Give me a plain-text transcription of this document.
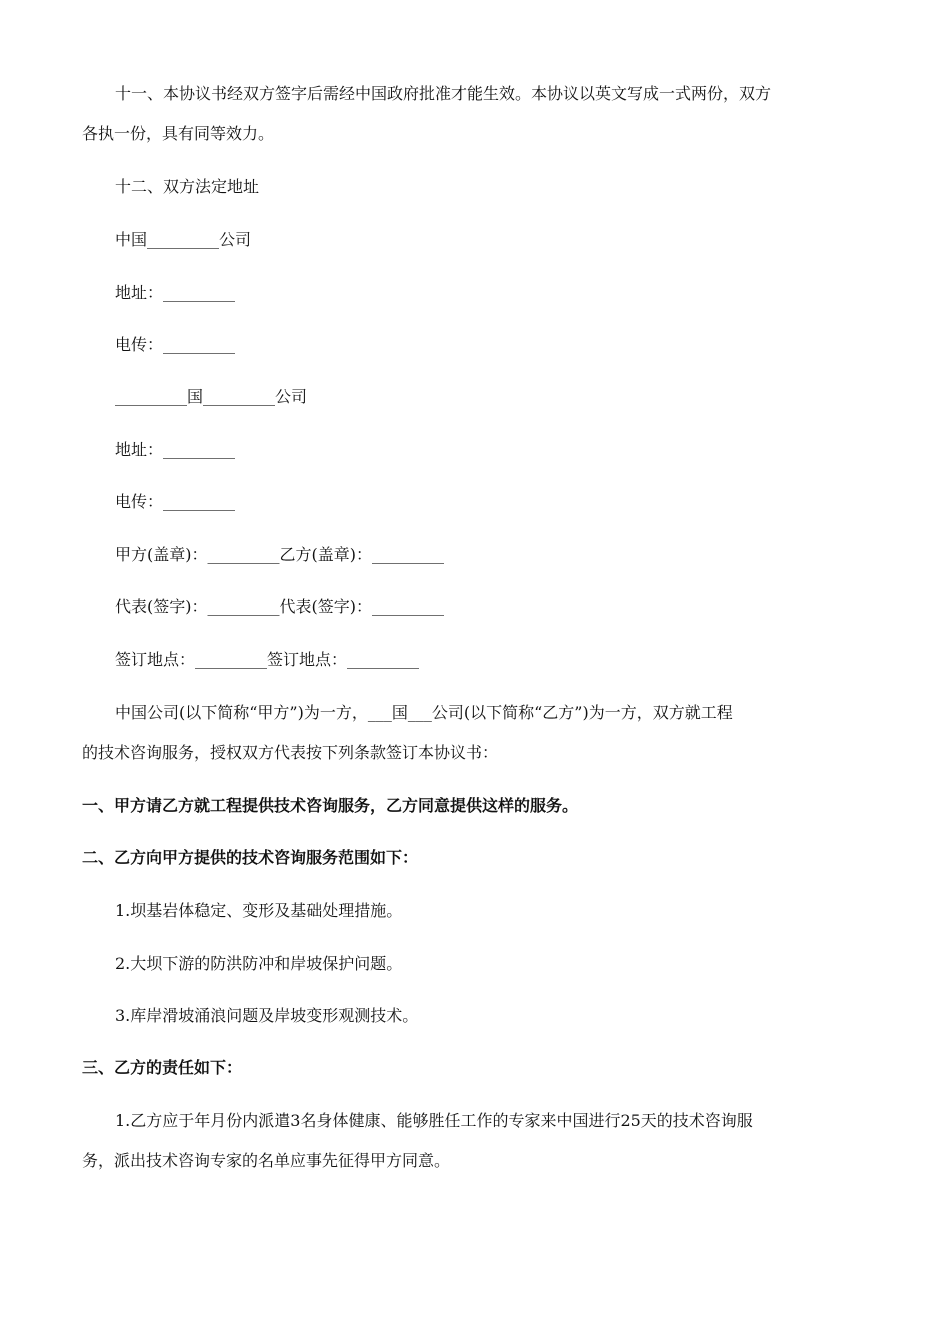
十一、本协议书经双方签字后需经中国政府批准才能生效。本协议以英文写成一式两份，双方
各执一份，具有同等效力。
十二、双方法定地址
中国_________公司
地址：_________
电传：_________
_________国_________公司
地址：_________
电传：_________
甲方(盖章)：_________乙方(盖章)：_________
代表(签字)：_________代表(签字)：_________
签订地点：_________签订地点：_________
中国公司(以下简称“甲方”)为一方，___国___公司(以下简称“乙方”)为一方，双方就工程
的技术咨询服务，授权双方代表按下列条款签订本协议书：
一、甲方请乙方就工程提供技术咨询服务，乙方同意提供这样的服务。
二、乙方向甲方提供的技术咨询服务范围如下：
1.坝基岩体稳定、变形及基础处理措施。
2.大坝下游的防洪防冲和岸坡保护问题。
3.库岸滑坡涌浪问题及岸坡变形观测技术。
三、乙方的责任如下：
1.乙方应于年月份内派遣3名身体健康、能够胜任工作的专家来中国进行25天的技术咨询服
务，派出技术咨询专家的名单应事先征得甲方同意。
